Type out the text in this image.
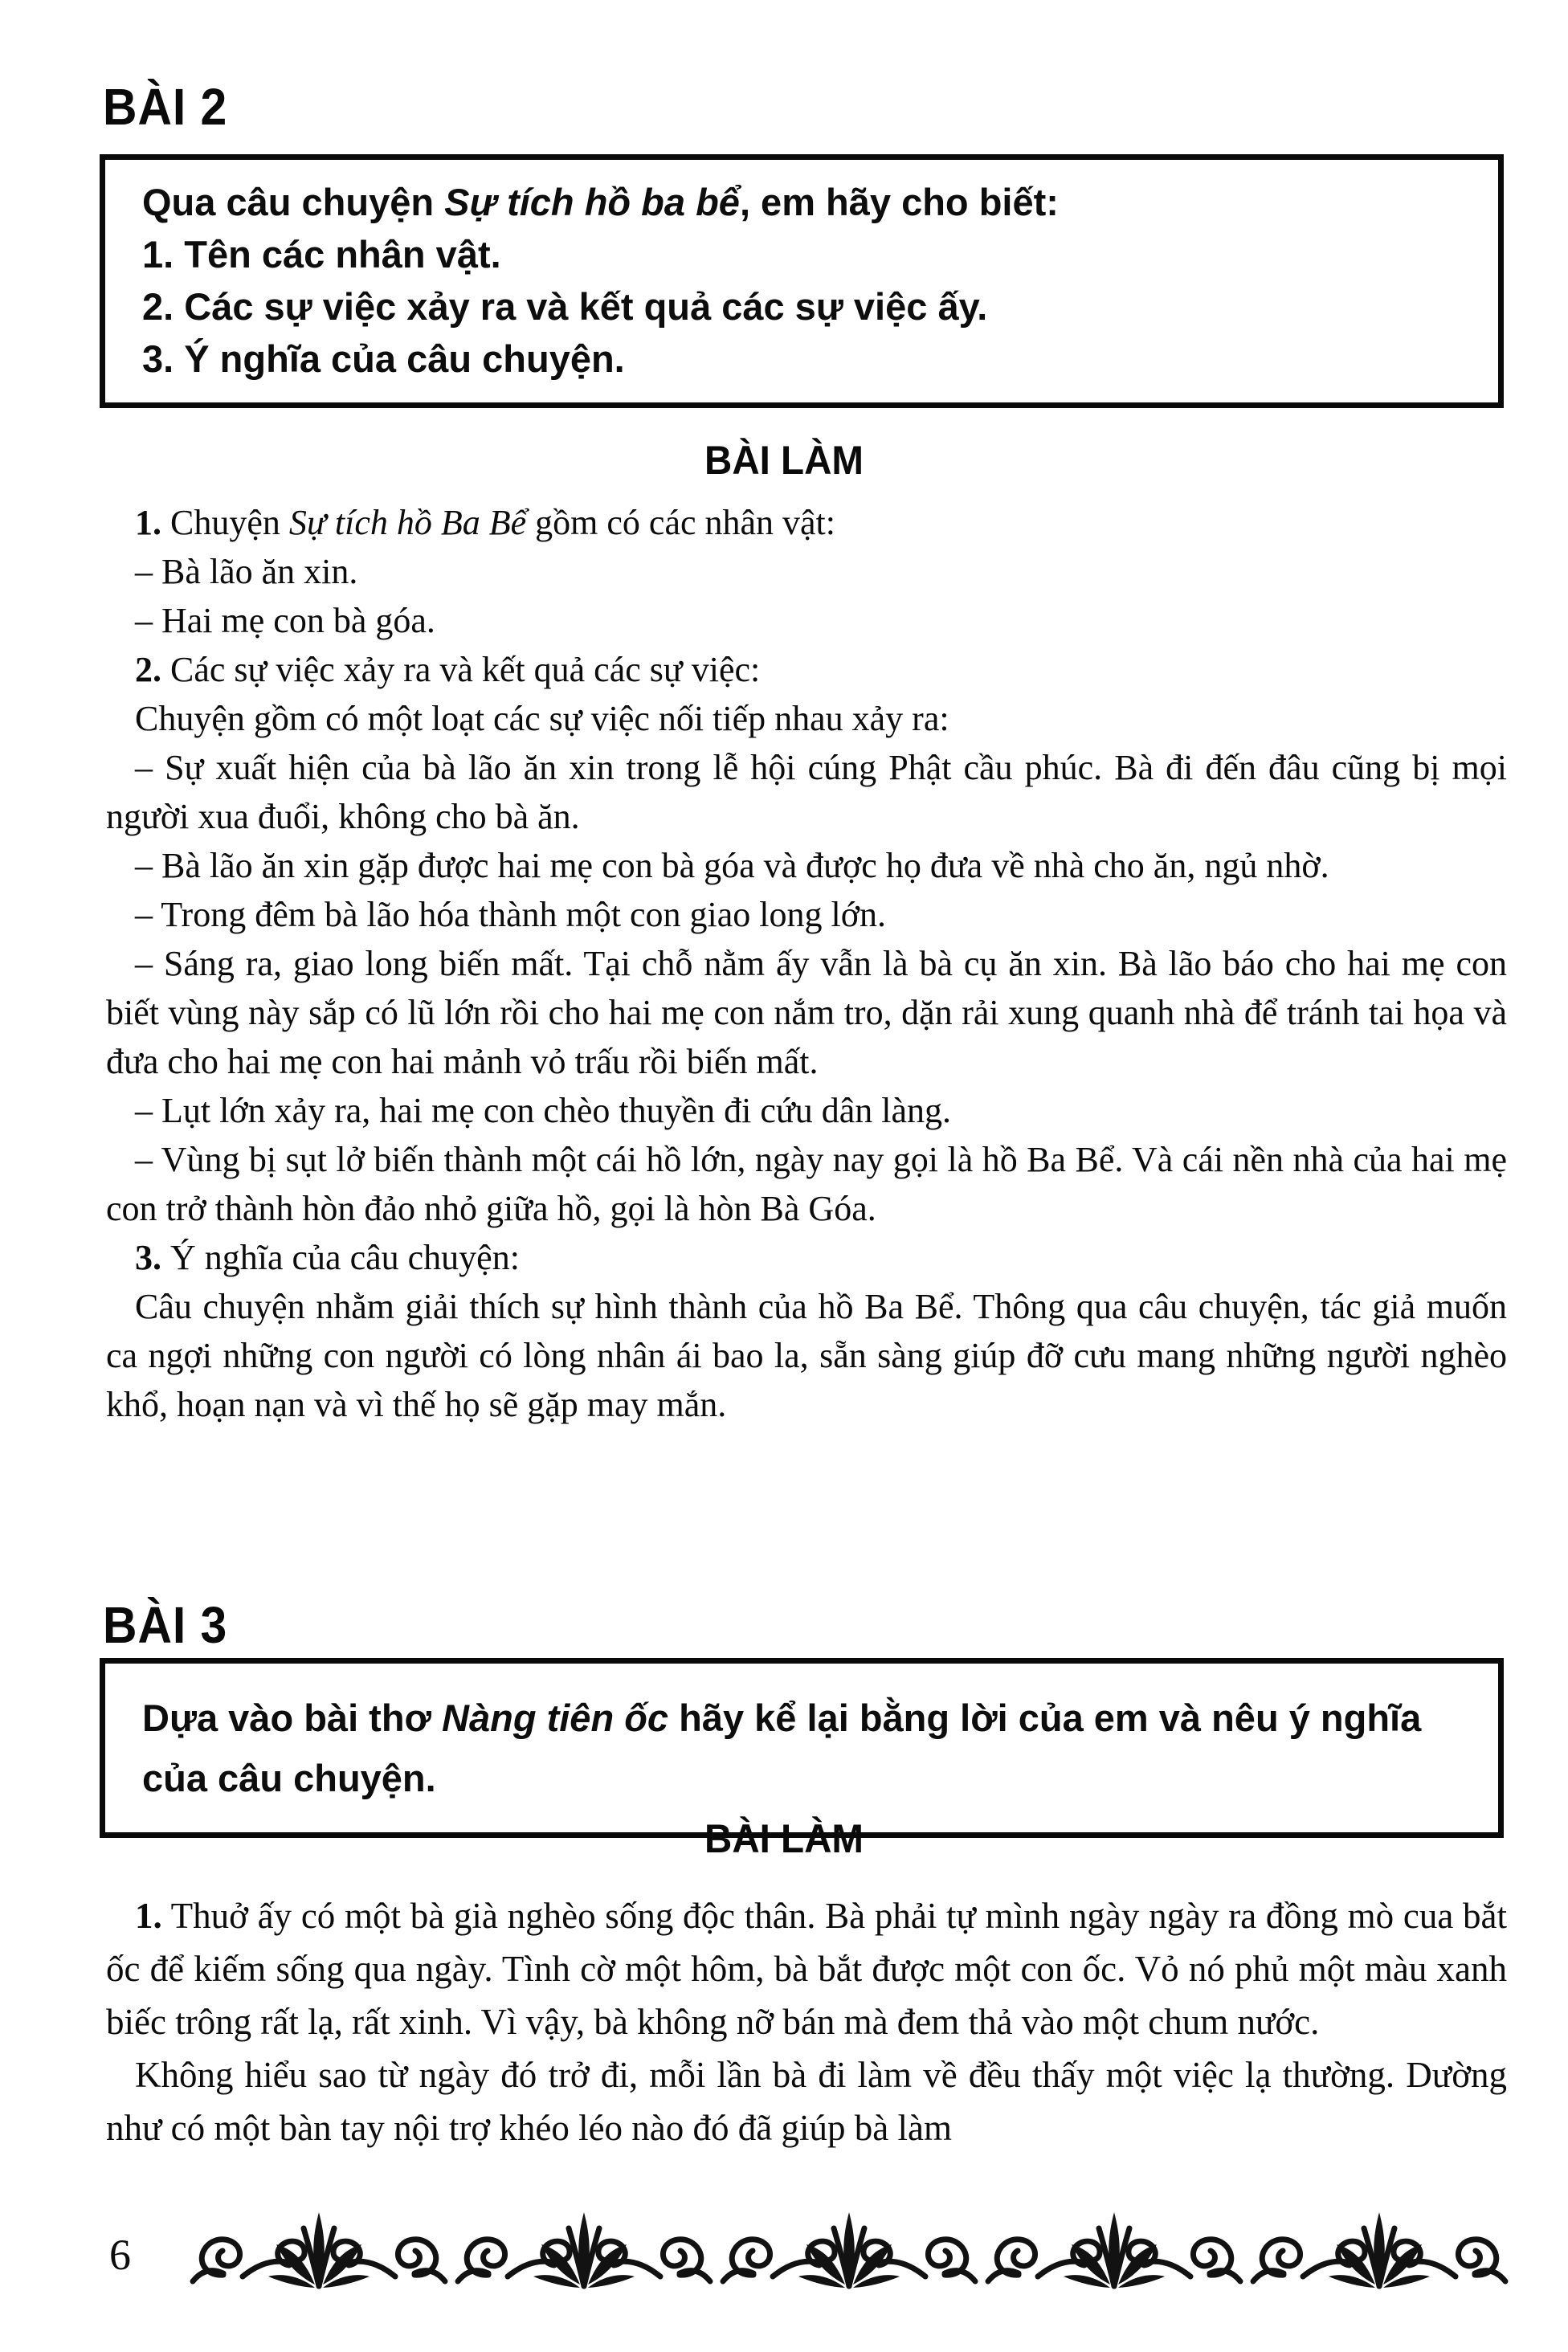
BÀI 2

Qua câu chuyện Sự tích hồ ba bể, em hãy cho biết:

1. Tên các nhân vật.

2. Các sự việc xảy ra và kết quả các sự việc ấy.

3. Ý nghĩa của câu chuyện.

BÀI LÀM

1. Chuyện Sự tích hồ Ba Bể gồm có các nhân vật:

– Bà lão ăn xin.

– Hai mẹ con bà góa.

2. Các sự việc xảy ra và kết quả các sự việc:

Chuyện gồm có một loạt các sự việc nối tiếp nhau xảy ra:

– Sự xuất hiện của bà lão ăn xin trong lễ hội cúng Phật cầu phúc. Bà đi đến đâu cũng bị mọi người xua đuổi, không cho bà ăn.

– Bà lão ăn xin gặp được hai mẹ con bà góa và được họ đưa về nhà cho ăn, ngủ nhờ.

– Trong đêm bà lão hóa thành một con giao long lớn.

– Sáng ra, giao long biến mất. Tại chỗ nằm ấy vẫn là bà cụ ăn xin. Bà lão báo cho hai mẹ con biết vùng này sắp có lũ lớn rồi cho hai mẹ con nắm tro, dặn rải xung quanh nhà để tránh tai họa và đưa cho hai mẹ con hai mảnh vỏ trấu rồi biến mất.

– Lụt lớn xảy ra, hai mẹ con chèo thuyền đi cứu dân làng.

– Vùng bị sụt lở biến thành một cái hồ lớn, ngày nay gọi là hồ Ba Bể. Và cái nền nhà của hai mẹ con trở thành hòn đảo nhỏ giữa hồ, gọi là hòn Bà Góa.

3. Ý nghĩa của câu chuyện:

Câu chuyện nhằm giải thích sự hình thành của hồ Ba Bể. Thông qua câu chuyện, tác giả muốn ca ngợi những con người có lòng nhân ái bao la, sẵn sàng giúp đỡ cưu mang những người nghèo khổ, hoạn nạn và vì thế họ sẽ gặp may mắn.

BÀI 3

Dựa vào bài thơ Nàng tiên ốc hãy kể lại bằng lời của em và nêu ý nghĩa của câu chuyện.

BÀI LÀM

1. Thuở ấy có một bà già nghèo sống độc thân. Bà phải tự mình ngày ngày ra đồng mò cua bắt ốc để kiếm sống qua ngày. Tình cờ một hôm, bà bắt được một con ốc. Vỏ nó phủ một màu xanh biếc trông rất lạ, rất xinh. Vì vậy, bà không nỡ bán mà đem thả vào một chum nước.

Không hiểu sao từ ngày đó trở đi, mỗi lần bà đi làm về đều thấy một việc lạ thường. Dường như có một bàn tay nội trợ khéo léo nào đó đã giúp bà làm

6
